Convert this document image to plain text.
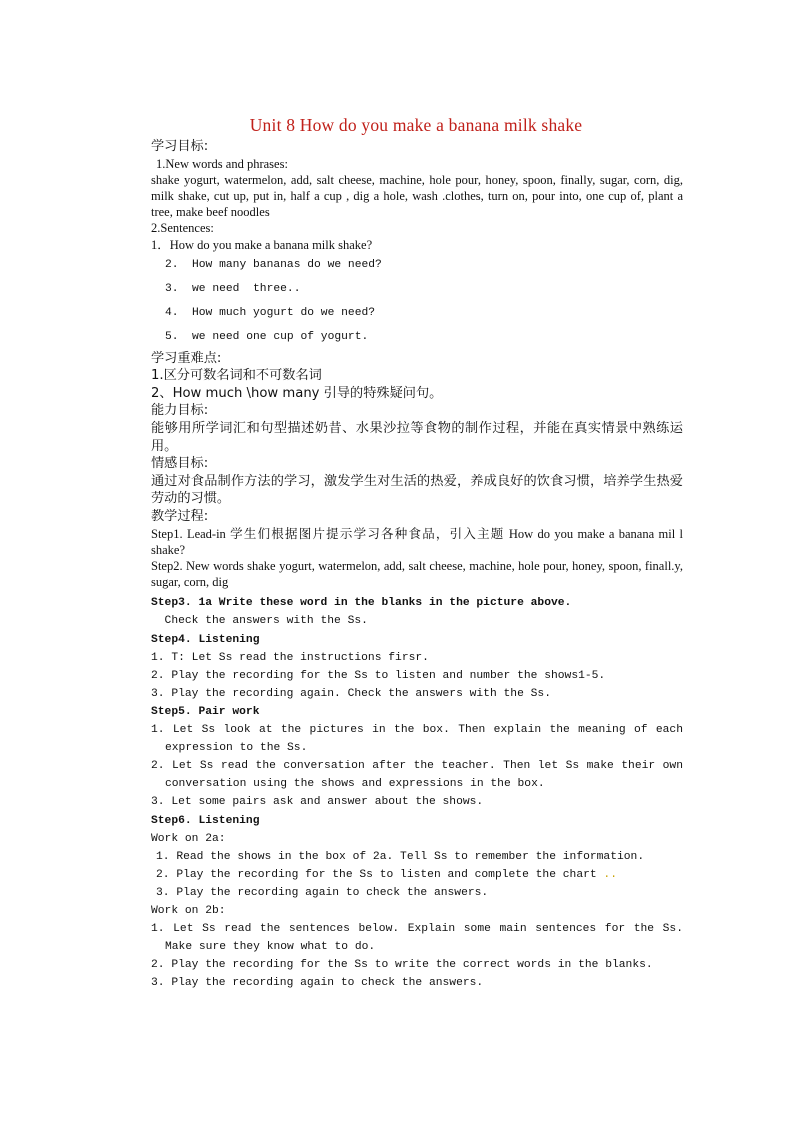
Unit 8 How do you make a banana milk shake
学习目标:
1.New words and phrases:
shake yogurt, watermelon, add, salt cheese, machine, hole pour, honey, spoon, finally, sugar, corn, dig, milk shake, cut up, put in, half a cup , dig a hole, wash .clothes, turn on, pour into, one cup of, plant a tree, make beef noodles
2.Sentences:
1．How do you make a banana milk shake?
2. How many bananas do we need?
3. we need  three..
4. How much yogurt do we need?
5. we need one cup of yogurt.
学习重难点:
1.区分可数名词和不可数名词
2、How much \how many 引导的特殊疑问句。
能力目标:
能够用所学词汇和句型描述奶昔、水果沙拉等食物的制作过程，并能在真实情景中熟练运用。
情感目标:
通过对食品制作方法的学习，激发学生对生活的热爱，养成良好的饮食习惯，培养学生热爱劳动的习惯。
教学过程:
Step1. Lead-in 学生们根据图片提示学习各种食品，引入主题 How do you make a banana mil l shake?
Step2. New words shake yogurt, watermelon, add, salt cheese, machine, hole pour, honey, spoon, finall.y, sugar, corn, dig
Step3. 1a Write these word in the blanks in the picture above.
Check the answers with the Ss.
Step4. Listening
1. T: Let Ss read the instructions firsr.
2. Play the recording for the Ss to listen and number the shows1-5.
3. Play the recording again. Check the answers with the Ss.
Step5. Pair work
1. Let Ss look at the pictures in the box. Then explain the meaning of each expression to the Ss.
2. Let Ss read the conversation after the teacher. Then let Ss make their own conversation using the shows and expressions in the box.
3. Let some pairs ask and answer about the shows.
Step6. Listening
Work on 2a:
1. Read the shows in the box of 2a. Tell Ss to remember the information.
2. Play the recording for the Ss to listen and complete the chart ..
3. Play the recording again to check the answers.
Work on 2b:
1. Let Ss read the sentences below. Explain some main sentences for the Ss. Make sure they know what to do.
2. Play the recording for the Ss to write the correct words in the blanks.
3. Play the recording again to check the answers.
